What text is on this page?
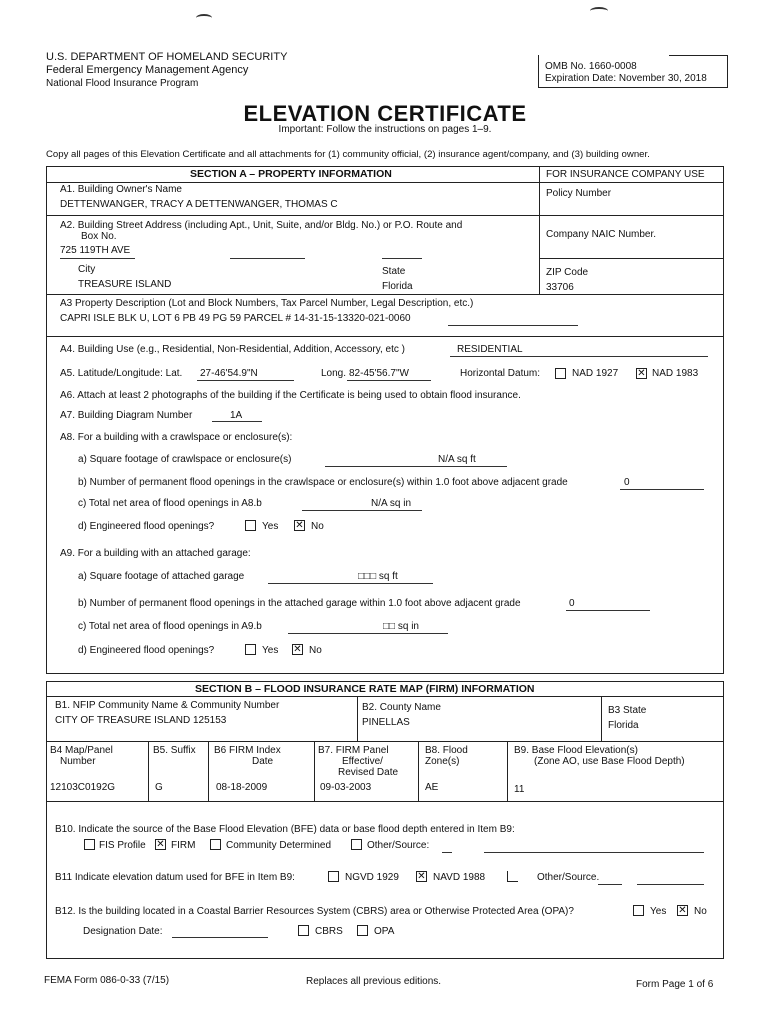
U.S. DEPARTMENT OF HOMELAND SECURITY
Federal Emergency Management Agency
National Flood Insurance Program
OMB No. 1660-0008
Expiration Date: November 30, 2018
ELEVATION CERTIFICATE
Important: Follow the instructions on pages 1–9.
Copy all pages of this Elevation Certificate and all attachments for (1) community official, (2) insurance agent/company, and (3) building owner.
SECTION A – PROPERTY INFORMATION	FOR INSURANCE COMPANY USE
A1. Building Owner's Name
DETTENWANGER, TRACY A DETTENWANGER, THOMAS C
Policy Number
A2. Building Street Address (including Apt., Unit, Suite, and/or Bldg. No.) or P.O. Route and
Box No.
725 119TH AVE
Company NAIC Number.
City
TREASURE ISLAND
State
Florida
ZIP Code
33706
A3 Property Description (Lot and Block Numbers, Tax Parcel Number, Legal Description, etc.)
CAPRI ISLE BLK U, LOT 6 PB 49 PG 59 PARCEL # 14-31-15-13320-021-0060
A4. Building Use (e.g., Residential, Non-Residential, Addition, Accessory, etc )	RESIDENTIAL
A5. Latitude/Longitude: Lat. 27-46'54.9"N	Long. 82-45'56.7"W	Horizontal Datum:	NAD 1927 ✕ NAD 1983
A6. Attach at least 2 photographs of the building if the Certificate is being used to obtain flood insurance.
A7. Building Diagram Number	1A
A8. For a building with a crawlspace or enclosure(s):
a) Square footage of crawlspace or enclosure(s)	N/A sq ft
b) Number of permanent flood openings in the crawlspace or enclosure(s) within 1.0 foot above adjacent grade	0
c) Total net area of flood openings in A8.b	N/A sq in
d) Engineered flood openings?	Yes ✕ No
A9. For a building with an attached garage:
a) Square footage of attached garage	□□□ sq ft
b) Number of permanent flood openings in the attached garage within 1.0 foot above adjacent grade	0
c) Total net area of flood openings in A9.b	□□ sq in
d) Engineered flood openings?	Yes ✕ No
SECTION B – FLOOD INSURANCE RATE MAP (FIRM) INFORMATION
B1. NFIP Community Name & Community Number
CITY OF TREASURE ISLAND 125153
B2. County Name
PINELLAS
B3 State
Florida
B4 Map/Panel
Number
12103C0192G
B5. Suffix
G
B6 FIRM Index
Date
08-18-2009
B7. FIRM Panel
Effective/
Revised Date
09-03-2003
B8. Flood
Zone(s)
AE
B9. Base Flood Elevation(s)
(Zone AO, use Base Flood Depth)
11
B10. Indicate the source of the Base Flood Elevation (BFE) data or base flood depth entered in Item B9:
FIS Profile ✕ FIRM	Community Determined	Other/Source:
B11 Indicate elevation datum used for BFE in Item B9:	NGVD 1929 ✕ NAVD 1988	Other/Source.
B12. Is the building located in a Coastal Barrier Resources System (CBRS) area or Otherwise Protected Area (OPA)?	Yes ✕ No
Designation Date:	CBRS	OPA
FEMA Form 086-0-33 (7/15)	Replaces all previous editions.	Form Page 1 of 6
